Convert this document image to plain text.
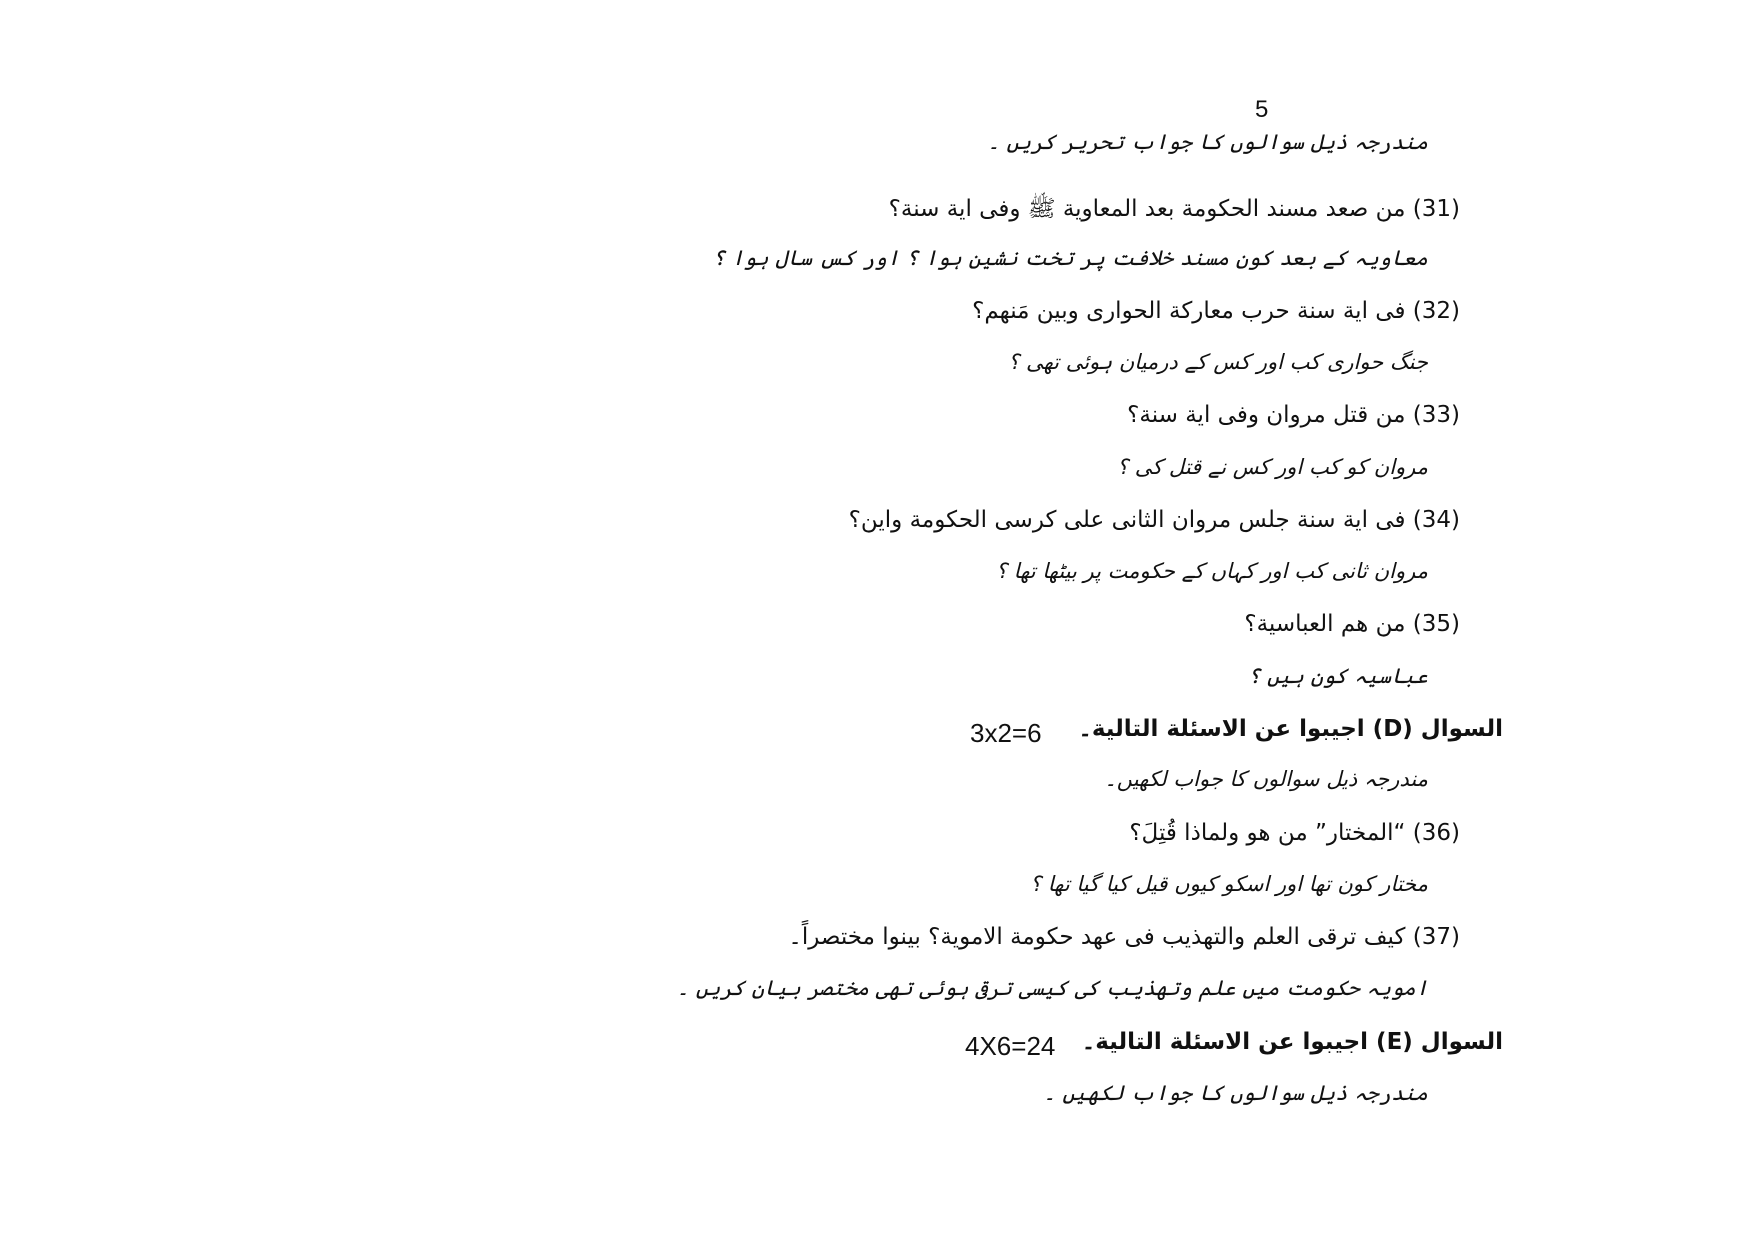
5
مندرجہ ذیل سوالوں کا جواب تحریر کریں ۔
(31) من صعد مسند الحكومة بعد المعاوية ﷺ وفی اية سنة؟
معاویہ کے بعد کون مسند خلافت پر تخت نشین ہوا ؟ اور کس سال ہوا ؟
(32) فی اية سنة حرب معاركة الحواری وبين مَنهم؟
جنگ حواری کب اور کس کے درمیان ہوئی تھی ؟
(33) من قتل مروان وفی اية سنة؟
مروان کو کب اور کس نے قتل کی ؟
(34) فی اية سنة جلس مروان الثانی علی کرسی الحكومة واين؟
مروان ثانی کب اور کہاں کے حکومت پر بیٹھا تھا ؟
(35) من هم العباسية؟
عباسیہ کون ہیں ؟
السوال (D) اجيبوا عن الاسئلة التالية۔
3x2=6
مندرجہ ذیل سوالوں کا جواب لکھیں۔
(36) “المختار” من هو ولماذا قُتِلَ؟
مختار کون تھا اور اسکو کیوں قیل کیا گیا تھا ؟
(37) كيف ترقی العلم والتهذيب فی عهد حكومة الاموية؟ بينوا مختصراً۔
امویہ حکومت میں علم وتھذیب کی کیسی ترقی ہوئی تھی مختصر بیان کریں ۔
السوال (E) اجيبوا عن الاسئلة التالية۔
4X6=24
مندرجہ ذیل سوالوں کا جواب لکھیں ۔
